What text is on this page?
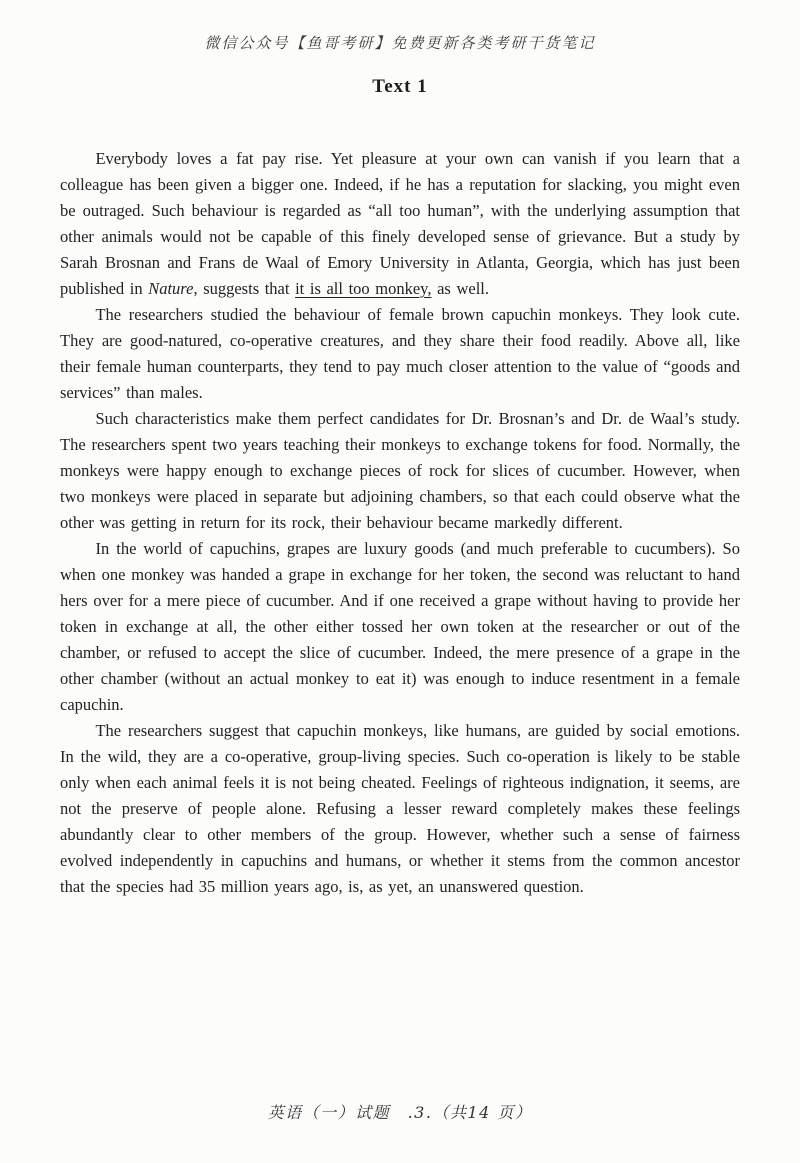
微信公众号【鱼哥考研】免费更新各类考研干货笔记
Text 1

Everybody loves a fat pay rise. Yet pleasure at your own can vanish if you learn that a colleague has been given a bigger one. Indeed, if he has a reputation for slacking, you might even be outraged. Such behaviour is regarded as “all too human”, with the underlying assumption that other animals would not be capable of this finely developed sense of grievance. But a study by Sarah Brosnan and Frans de Waal of Emory University in Atlanta, Georgia, which has just been published in Nature, suggests that it is all too monkey, as well.

The researchers studied the behaviour of female brown capuchin monkeys. They look cute. They are good-natured, co-operative creatures, and they share their food readily. Above all, like their female human counterparts, they tend to pay much closer attention to the value of “goods and services” than males.

Such characteristics make them perfect candidates for Dr. Brosnan’s and Dr. de Waal’s study. The researchers spent two years teaching their monkeys to exchange tokens for food. Normally, the monkeys were happy enough to exchange pieces of rock for slices of cucumber. However, when two monkeys were placed in separate but adjoining chambers, so that each could observe what the other was getting in return for its rock, their behaviour became markedly different.

In the world of capuchins, grapes are luxury goods (and much preferable to cucumbers). So when one monkey was handed a grape in exchange for her token, the second was reluctant to hand hers over for a mere piece of cucumber. And if one received a grape without having to provide her token in exchange at all, the other either tossed her own token at the researcher or out of the chamber, or refused to accept the slice of cucumber. Indeed, the mere presence of a grape in the other chamber (without an actual monkey to eat it) was enough to induce resentment in a female capuchin.

The researchers suggest that capuchin monkeys, like humans, are guided by social emotions. In the wild, they are a co-operative, group-living species. Such co-operation is likely to be stable only when each animal feels it is not being cheated. Feelings of righteous indignation, it seems, are not the preserve of people alone. Refusing a lesser reward completely makes these feelings abundantly clear to other members of the group. However, whether such a sense of fairness evolved independently in capuchins and humans, or whether it stems from the common ancestor that the species had 35 million years ago, is, as yet, an unanswered question.

英语（一）试题　.3.（共14 页）
